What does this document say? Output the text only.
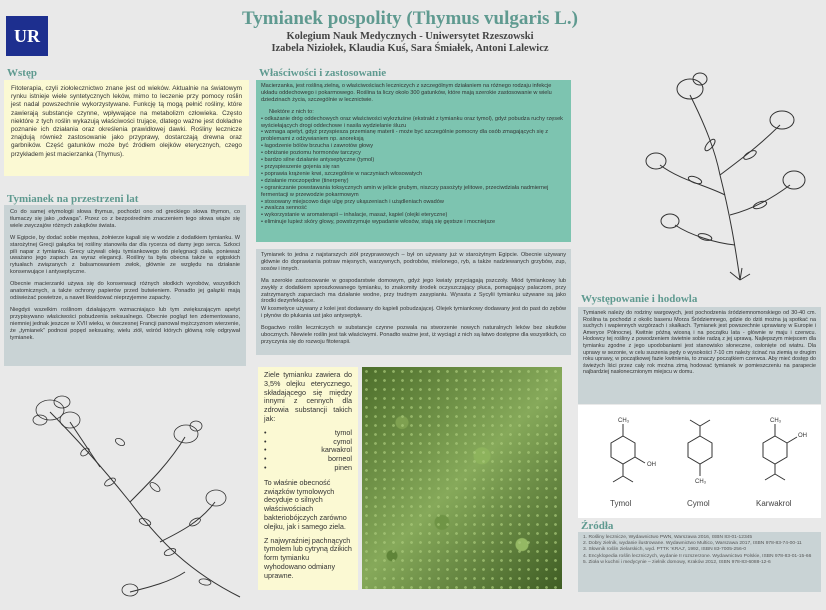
UR
Tymianek pospolity (Thymus vulgaris L.)
Kolegium Nauk Medycznych - Uniwersytet Rzeszowski
Izabela Niziołek, Klaudia Kuś, Sara Śmiałek, Antoni Lalewicz
Wstęp
Fitoterapia, czyli ziołolecznictwo znane jest od wieków. Aktualnie na światowym rynku istnieje wiele syntetycznych leków, mimo to leczenie przy pomocy roślin jest nadal powszechnie wykorzystywane. Funkcję tą mogą pełnić rośliny, które zawierają substancje czynne, wpływające na metabolizm człowieka. Często niektóre z tych roślin wykazują właściwości trujące, dlatego ważne jest dokładne poznanie ich działania oraz określenia prawidłowej dawki. Rośliny lecznicze znajdują również zastosowanie jako przyprawy, dostarczają drewna oraz garbników. Część gatunków może być źródłem olejków eterycznych, czego przykładem jest macierzanka (Thymus).
Tymianek na przestrzeni lat

Co do samej etymologii słowa thymus, pochodzi ono od greckiego słowa thymon, co tłumaczy się jako „odwaga”. Przez co z bezpośrednim znaczeniem tego słowa wiąże się wiele zwyczajów różnych zakątków świata.

W Egipcie, by dodać sobie męstwa, żołnierze kąpali się w wodzie z dodatkiem tymianku. W starożytnej Grecji gałązka tej rośliny stanowiła dar dla rycerza od damy jego serca. Szkoci pili napar z tymianku. Grecy używali oleju tymiankowego do pielęgnacji ciała, ponieważ uważano jego zapach za wyraz elegancji. Rośliny ta była obecna także w egipskich rytuałach związanych z balsamowaniem zwłok, głównie ze względu na działanie konserwujące i antyseptyczne.

Obecnie macierzanki używa się do konserwacji różnych słodkich wyrobów, wszystkich anatomicznych, a także ochrony papierów przed butwieniem. Ponadto jej gałązki mają odświeżać powietrze, a nawet likwidować nieprzyjemne zapachy.

Niegdyś wszelkim roślinom działającym wzmacniająco lub tym zwiększającym apetyt przypisywano właściwości pobudzenia seksualnego. Obecnie pogląd ten zdementowano, niemniej jednak jeszcze w XVII wieku, w ówczesnej Francji panował mężczyznom wierzenie, że „tymianek” podnosi popęd seksualny, wielu ziół, wśród których główną rolę odgrywał tymianek.

Właściwości i zastosowanie

Macierzanka, jest rośliną zielną, o właściwościach leczniczych z szczególnym działaniem na różnego rodzaju infekcje układu oddechowego i pokarmowego. Roślina ta liczy około 300 gatunków, które mają szerokie zastosowanie w wielu dziedzinach życia, szczególnie w lecznictwie.

Niektóre z nich to:
• odkażanie dróg oddechowych oraz właściwości wykrztuśne (ekstrakt z tymianku oraz tymol), gdyż pobudza ruchy rzęsek wyściełających drogi oddechowe i nasila wydzielanie śluzu
• wzmaga apetyt, gdyż przyspiesza przemianę materii - może być szczególnie pomocny dla osób zmagających się z problemami z odżywianiem np. anoreksją
• łagodzenie bólów brzucha i zawrotów głowy
• obniżanie poziomu hormonów tarczycy
• bardzo silne działanie antyseptyczne (tymol)
• przyspieszenie gojenia się ran
• poprawia krążenie krwi, szczególnie w naczyniach włosowatych
• działanie moczopędne (tinerpeny)
• ograniczanie powstawania toksycznych amin w jelicie grubym, niszczy pasożyty jelitowe, przeciwdziała nadmiernej fermentacji w przewodzie pokarmowym
• stosowany miejscowo daje ulgę przy ukąszeniach i użądleniach owadów
• zwalcza senność
• wykorzystanie w aromaterapii – inhalacje, masaż, kąpiel (olejki eteryczne)
• eliminuje lupież skóry głowy, powstrzymuje wypadanie włosów, stają się gęstsze i mocniejsze

Tymianek to jedna z najstarszych ziół przyprawowych – był on używany już w starożytnym Egipcie. Obecnie używany głównie do doprawiania potraw mięsnych, warzywnych, podrobów, mielonego, ryb, a także nadziewanych grzybów, zup, sosów i innych.

Ma szerokie zastosowanie w gospodarstwie domowym, gdyż jego kwiaty przyciągają pszczoły. Miód tymiankowy lub zwykły z dodatkiem sproszkowanego tymianku, to znakomity środek oczyszczający płuca, pomagający palaczom, przy zatrzymanych zaparciach ma działanie wodne, przy trudnym zasypianiu. Wyrasta z Sycylii tymianku używane są jako środki dezynfekujące.

W kosmetyce używany z kolei jest dodawany do kąpieli pobudzającej. Olejek tymiankowy dodawany jest do past do zębów i płynów do płukania ust jako antyseptyk.

Bogactwo roślin leczniczych w substancje czynne pozwala na stworzenie nowych naturalnych leków bez skutków ubocznych. Niewiele roślin jest tak właściwymi. Ponadto ważne jest, iż wyciągi z nich są łatwo dostępne dla wszystkich, co przyczynia się do rozwoju fitoterapii.

Ziele tymianku zawiera do 3,5% olejku eterycznego, składającego się między innymi z cennych dla zdrowia substancji takich jak:

•	tymol
•	cymol
•	karwakrol
•	borneol
•	pinen

To właśnie obecność związków tymolowych decyduje o silnych właściwościach bakteriobójczych zarówno olejku, jak i samego ziela.

Z najwyraźniej pachnących tymolem lub cytryną dzikich form tymianku wyhodowano odmiany uprawne.

Występowanie i hodowla
Tymianek należy do rodziny wargowych, jest pochodzenia śródziemnomorskiego od 30-40 cm. Roślina ta pochodzi z okolic basenu Morza Śródziemnego, gdzie do dziś można ją spotkać na suchych i wapiennych wzgórzach i skałkach. Tymianek jest powszechnie uprawiany w Europie i Ameryce Północnej. Kwitnie późną wiosną i na początku lata - głównie w maju i czerwcu. Hodowcy tej rośliny z powodzeniem świetnie sobie radzą z jej uprawą. Najlepszym miejscem dla tymianku zgodne z jego upodobaniami jest stanowisko słoneczne, osłonięte od wiatru. Dla uprawy w sezonie, w celu suszenia pędy o wysokości 7-10 cm należy ścinać na ziemią w drugim roku uprawy, w początkowej fazie kwitnienia, to znaczy początkiem czerwca. Aby mieć dostęp do świeżych liści przez cały rok można zimą hodować tymianek w pomieszczeniu na parapecie najbardziej nasłonecznionym miejscu w domu.
CH₃
OH
CH₃
CH₃
OH
Tymol	Cymol	Karwakrol
Źródła
1. Rośliny lecznicze, Wydawnictwo PWN, Warszawa 2016, ISBN 83-01-12345
2. Dobry zielnik, wydanie ilustrowane. Wydawnictwo Multico, Warszawa 2017, ISBN 978-83-74-00-11
3. Słownik roślin zielarskich, wyd. PTTK 'KRAJ', 1992, ISBN 83-7005-256-0
4. Encyklopedia roślin leczniczych, wydanie II rozszerzone. Wydawnictwo Polskie, ISBN 978-83-01-15-66
5. Zioła w kuchni i medycynie – zielnik domowy, Kraków 2012, ISBN 978-83-6088-12-6
